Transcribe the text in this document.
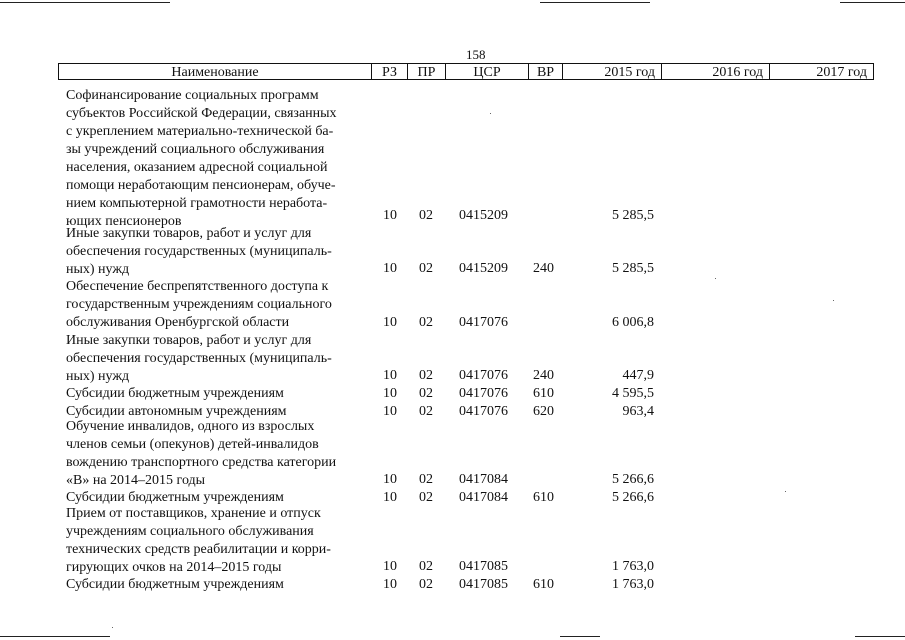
158
Наименование	РЗ	ПР	ЦСР	ВР	2015 год	2016 год	2017 год
Софинансирование социальных программ
субъектов Российской Федерации, связанных
с укреплением материально-технической ба-
зы учреждений социального обслуживания
населения, оказанием адресной социальной
помощи неработающим пенсионерам, обуче-
нием компьютерной грамотности неработа-
ющих пенсионеров	10 02 0415209	5 285,5
Иные закупки товаров, работ и услуг для
обеспечения государственных (муниципаль-
ных) нужд	10 02 0415209 240	5 285,5
Обеспечение беспрепятственного доступа к
государственным учреждениям социального
обслуживания Оренбургской области	10 02 0417076	6 006,8
Иные закупки товаров, работ и услуг для
обеспечения государственных (муниципаль-
ных) нужд	10 02 0417076 240	447,9
Субсидии бюджетным учреждениям	10 02 0417076 610	4 595,5
Субсидии автономным учреждениям	10 02 0417076 620	963,4
Обучение инвалидов, одного из взрослых
членов семьи (опекунов) детей-инвалидов
вождению транспортного средства категории
«В» на 2014–2015 годы	10 02 0417084	5 266,6
Субсидии бюджетным учреждениям	10 02 0417084 610	5 266,6
Прием от поставщиков, хранение и отпуск
учреждениям социального обслуживания
технических средств реабилитации и корри-
гирующих очков на 2014–2015 годы	10 02 0417085	1 763,0
Субсидии бюджетным учреждениям	10 02 0417085 610	1 763,0
